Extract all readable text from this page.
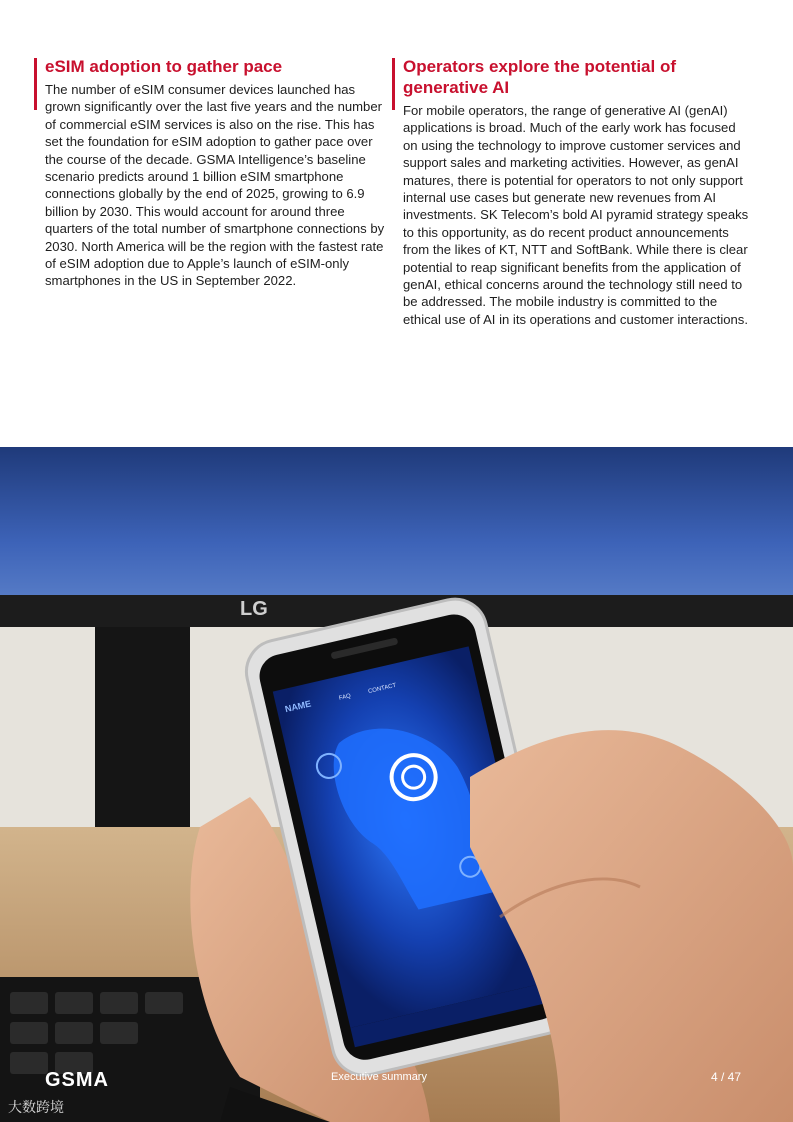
eSIM adoption to gather pace

The number of eSIM consumer devices launched has grown significantly over the last five years and the number of commercial eSIM services is also on the rise. This has set the foundation for eSIM adoption to gather pace over the course of the decade. GSMA Intelligence’s baseline scenario predicts around 1 billion eSIM smartphone connections globally by the end of 2025, growing to 6.9 billion by 2030. This would account for around three quarters of the total number of smartphone connections by 2030. North America will be the region with the fastest rate of eSIM adoption due to Apple’s launch of eSIM-only smartphones in the US in September 2022.

Operators explore the potential of generative AI

For mobile operators, the range of generative AI (genAI) applications is broad. Much of the early work has focused on using the technology to improve customer services and support sales and marketing activities. However, as genAI matures, there is potential for operators to not only support internal use cases but generate new revenues from AI investments. SK Telecom’s bold AI pyramid strategy speaks to this opportunity, as do recent product announcements from the likes of KT, NTT and SoftBank. While there is clear potential to reap significant benefits from the application of genAI, ethical concerns around the technology still need to be addressed. The mobile industry is committed to the ethical use of AI in its operations and customer interactions.

LG
NAME
FAQ
CONTACT
GSMA	Executive summary	4 / 47
大数跨境
